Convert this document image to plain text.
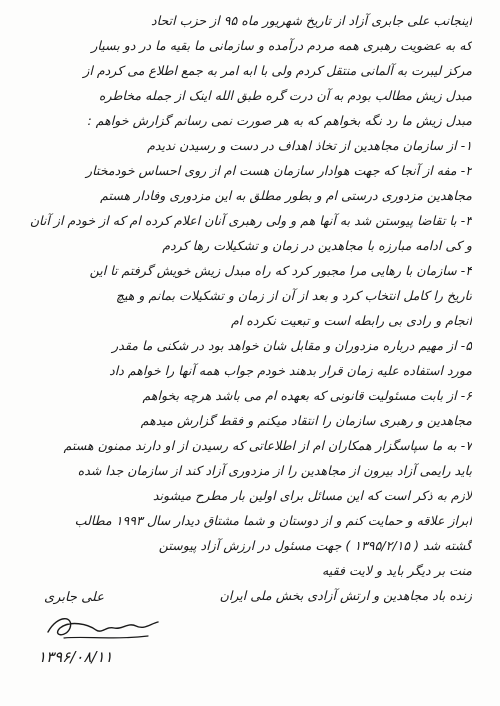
اینجانب علی جابری آزاد از تاریخ شهریور ماه ۹۵ از حزب اتحاد
که به عضویت رهبری همه مردم درآمده و سازمانی ما بقیه ما در دو بسیار
مرکز لیبرت به آلمانی منتقل کردم ولی با ابه امر به جمع اطلاع می کردم از
مبدل زیش مطالب بودم به آن درت گره طبق الله اینک از جمله مخاطره
مبدل زیش ما رد نگه بخواهم که به هر صورت نمی رسانم گزارش خواهم :
۱- از سازمان مجاهدین از تخاذ اهداف در دست و رسیدن ندیدم
۲- مفه از آنجا که جهت هوادار سازمان هست ام از روی احساس خودمختار
مجاهدین مزدوری درستی ام و بطور مطلق به این مزدوری وفادار هستم
۳- با تقاضا پیوستن شد به آنها هم و ولی رهبری آنان اعلام کرده ام که از خودم از آنان
و کی ادامه مبارزه با مجاهدین در زمان و تشکیلات رها کردم
۴- سازمان با رهایی مرا مجبور کرد که راه مبدل زیش خویش گرفتم تا این
تاریخ را کامل انتخاب کرد و بعد از آن از زمان و تشکیلات بمانم و هیچ
انجام و رادی بی رابطه است و تبعیت نکرده ام
۵- از مهیم درباره مزدوران و مقابل شان خواهد بود در شکنی ما مقدر
مورد استفاده علیه زمان قرار بدهند خودم جواب همه آنها را خواهم داد
۶- از بابت مسئولیت قانونی که بعهده ام می باشد هرچه بخواهم
مجاهدین و رهبری سازمان را انتقاد میکنم و فقط گزارش میدهم
۷- به ما سپاسگزار همکاران ام از اطلاعاتی که رسیدن از او دارند ممنون هستم
باید رایمی آزاد بیرون از مجاهدین را از مزدوری آزاد کند از سازمان جدا شده
لازم به ذکر است که این مسائل برای اولین بار مطرح میشوند
ابراز علاقه و حمایت کنم و از دوستان و شما مشتاق دیدار سال ۱۹۹۳ مطالب
گشته شد ( ۱۳۹۵/۲/۱۵ ) جهت مسئول در ارزش آزاد پیوستن
منت بر دیگر باید و لایت فقیه
زنده باد مجاهدین و ارتش آزادی بخش ملی ایران
علی جابری
۱۳۹۶/۰۸/۱۱
